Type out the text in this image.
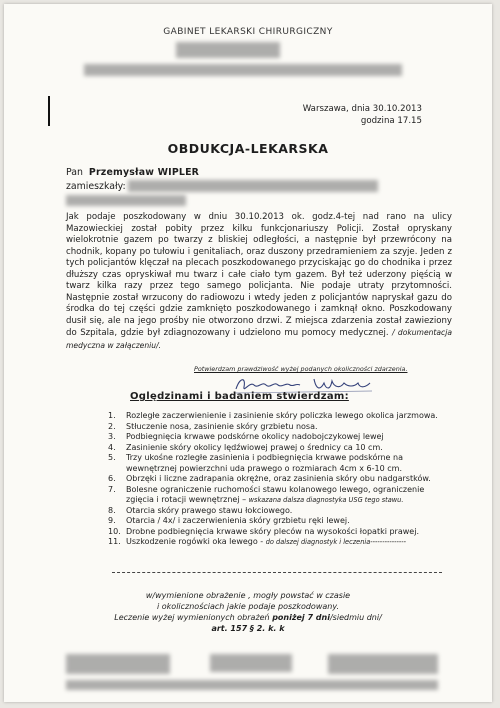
GABINET LEKARSKI CHIRURGICZNY
Warszawa, dnia 30.10.2013
godzina 17.15
OBDUKCJA-LEKARSKA
Pan Przemysław WIPLER
zamieszkały:
Jak podaje poszkodowany w dniu 30.10.2013 ok. godz.4-tej nad rano na ulicy Mazowieckiej został pobity przez kilku funkcjonariuszy Policji. Został opryskany wielokrotnie gazem po twarzy z bliskiej odległości, a następnie był przewrócony na chodnik, kopany po tułowiu i genitaliach, oraz duszony przedramieniem za szyje. Jeden z tych policjantów klęczał na plecach poszkodowanego przyciskając go do chodnika i przez dłuższy czas opryskiwał mu twarz i całe ciało tym gazem. Był też uderzony pięścią w twarz kilka razy przez tego samego policjanta. Nie podaje utraty przytomności. Następnie został wrzucony do radiowozu i wtedy jeden z policjantów napryskał gazu do środka do tej części gdzie zamknięto poszkodowanego i zamknął okno. Poszkodowany dusił się, ale na jego prośby nie otworzono drzwi. Z miejsca zdarzenia został zawieziony do Szpitala, gdzie był zdiagnozowany i udzielono mu pomocy medycznej. / dokumentacja medyczna w załączeniu/.
Potwierdzam prawdziwość wyżej podanych okoliczności zdarzenia.
Oględzinami i badaniem stwierdzam:
1. Rozległe zaczerwienienie i zasinienie skóry policzka lewego okolica jarzmowa.
2. Stłuczenie nosa, zasinienie skóry grzbietu nosa.
3. Podbiegnięcia krwawe podskórne okolicy nadobojczykowej lewej
4. Zasinienie skóry okolicy lędźwiowej prawej o średnicy ca 10 cm.
5. Trzy ukośne rozległe zasinienia i podbiegnięcia krwawe podskórne na wewnętrznej powierzchni uda prawego o rozmiarach 4cm x 6-10 cm.
6. Obrzęki i liczne zadrapania okrężne, oraz zasinienia skóry obu nadgarstków.
7. Bolesne ograniczenie ruchomości stawu kolanowego lewego, ograniczenie zgięcia i rotacji wewnętrznej – wskazana dalsza diagnostyka USG tego stawu.
8. Otarcia skóry prawego stawu łokciowego.
9. Otarcia / 4x/ i zaczerwienienia skóry grzbietu ręki lewej.
10. Drobne podbiegnięcia krwawe skóry pleców na wysokości łopatki prawej.
11. Uszkodzenie rogówki oka lewego - do dalszej diagnostyk i leczenia---------------
w/wymienione obrażenie , mogły powstać w czasie
i okolicznościach jakie podaje poszkodowany.
Leczenie wyżej wymienionych obrażeń poniżej 7 dni/siedmiu dni/
art. 157 § 2. k. k
